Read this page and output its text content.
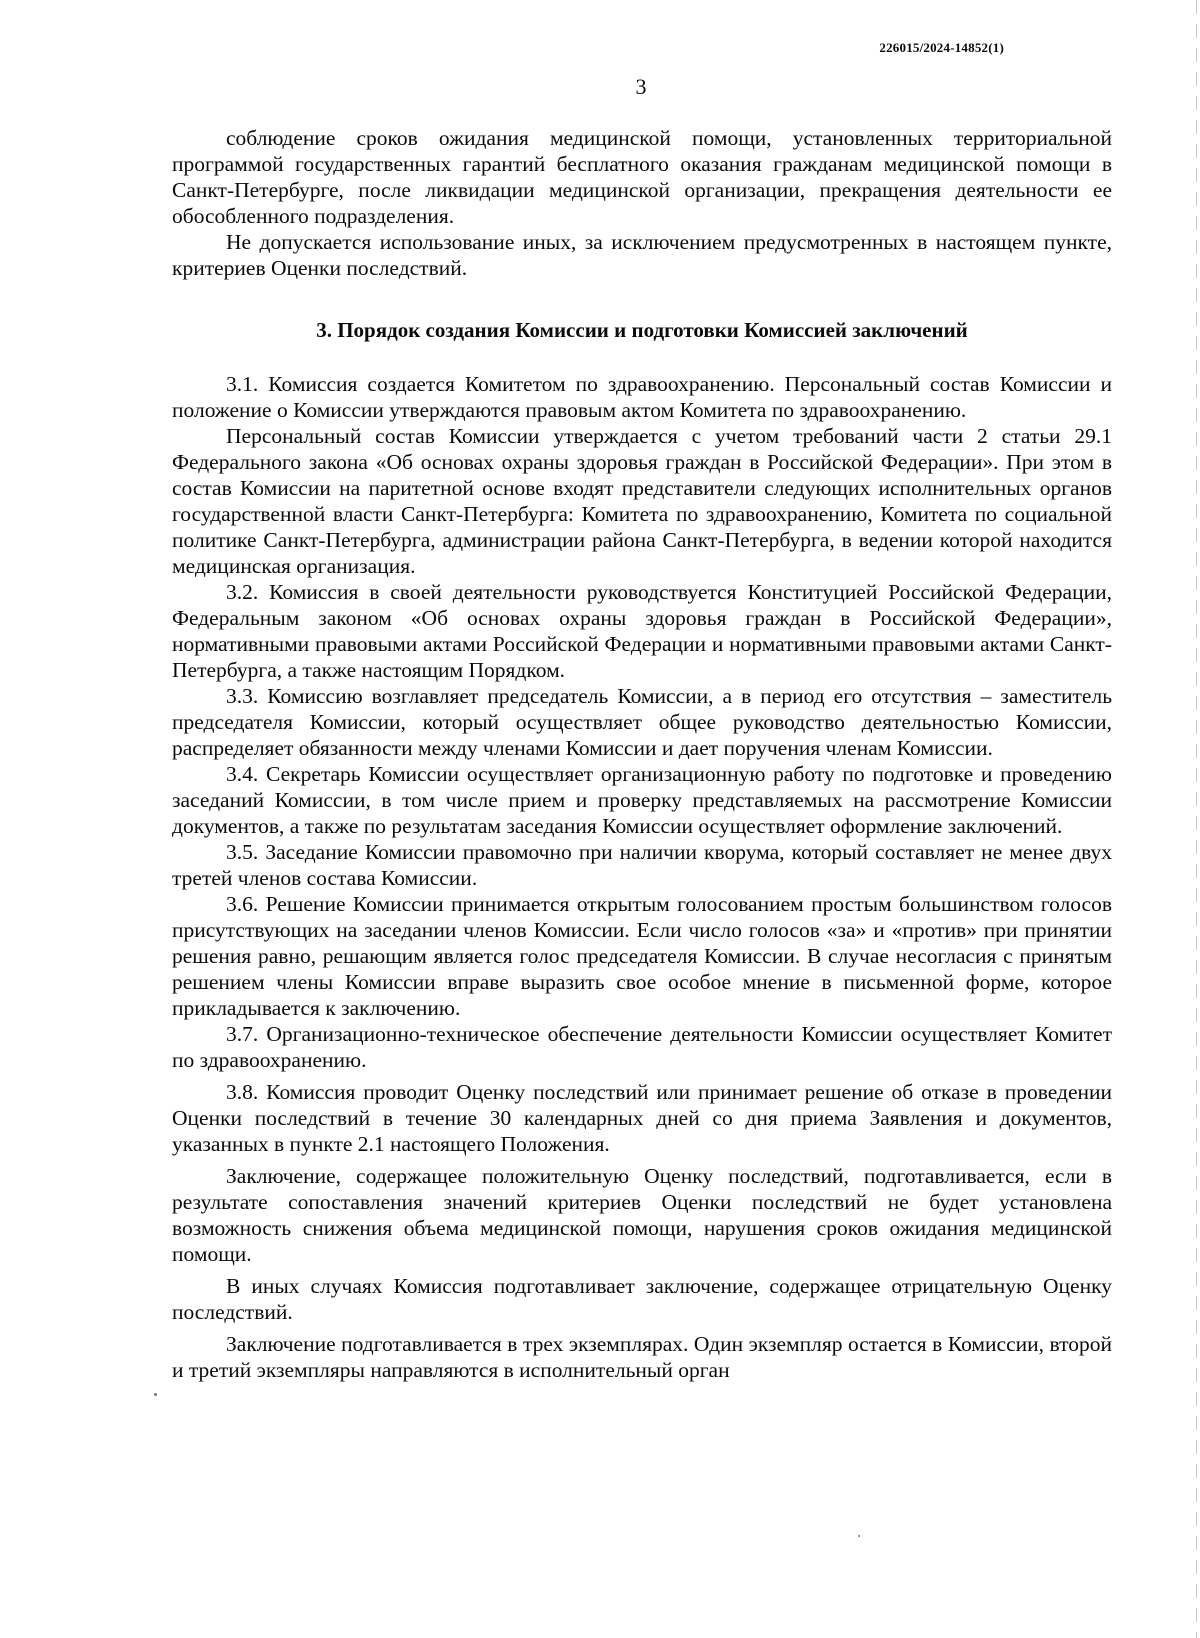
226015/2024-14852(1)
3

соблюдение сроков ожидания медицинской помощи, установленных территориальной программой государственных гарантий бесплатного оказания гражданам медицинской помощи в Санкт-Петербурге, после ликвидации медицинской организации, прекращения деятельности ее обособленного подразделения.

Не допускается использование иных, за исключением предусмотренных в настоящем пункте, критериев Оценки последствий.

3. Порядок создания Комиссии и подготовки Комиссией заключений

3.1. Комиссия создается Комитетом по здравоохранению. Персональный состав Комиссии и положение о Комиссии утверждаются правовым актом Комитета по здравоохранению.

Персональный состав Комиссии утверждается с учетом требований части 2 статьи 29.1 Федерального закона «Об основах охраны здоровья граждан в Российской Федерации». При этом в состав Комиссии на паритетной основе входят представители следующих исполнительных органов государственной власти Санкт-Петербурга: Комитета по здравоохранению, Комитета по социальной политике Санкт-Петербурга, администрации района Санкт-Петербурга, в ведении которой находится медицинская организация.

3.2. Комиссия в своей деятельности руководствуется Конституцией Российской Федерации, Федеральным законом «Об основах охраны здоровья граждан в Российской Федерации», нормативными правовыми актами Российской Федерации и нормативными правовыми актами Санкт-Петербурга, а также настоящим Порядком.

3.3. Комиссию возглавляет председатель Комиссии, а в период его отсутствия – заместитель председателя Комиссии, который осуществляет общее руководство деятельностью Комиссии, распределяет обязанности между членами Комиссии и дает поручения членам Комиссии.

3.4. Секретарь Комиссии осуществляет организационную работу по подготовке и проведению заседаний Комиссии, в том числе прием и проверку представляемых на рассмотрение Комиссии документов, а также по результатам заседания Комиссии осуществляет оформление заключений.

3.5. Заседание Комиссии правомочно при наличии кворума, который составляет не менее двух третей членов состава Комиссии.

3.6. Решение Комиссии принимается открытым голосованием простым большинством голосов присутствующих на заседании членов Комиссии. Если число голосов «за» и «против» при принятии решения равно, решающим является голос председателя Комиссии. В случае несогласия с принятым решением члены Комиссии вправе выразить свое особое мнение в письменной форме, которое прикладывается к заключению.

3.7. Организационно-техническое обеспечение деятельности Комиссии осуществляет Комитет по здравоохранению.

3.8. Комиссия проводит Оценку последствий или принимает решение об отказе в проведении Оценки последствий в течение 30 календарных дней со дня приема Заявления и документов, указанных в пункте 2.1 настоящего Положения.

Заключение, содержащее положительную Оценку последствий, подготавливается, если в результате сопоставления значений критериев Оценки последствий не будет установлена возможность снижения объема медицинской помощи, нарушения сроков ожидания медицинской помощи.

В иных случаях Комиссия подготавливает заключение, содержащее отрицательную Оценку последствий.

Заключение подготавливается в трех экземплярах. Один экземпляр остается в Комиссии, второй и третий экземпляры направляются в исполнительный орган
